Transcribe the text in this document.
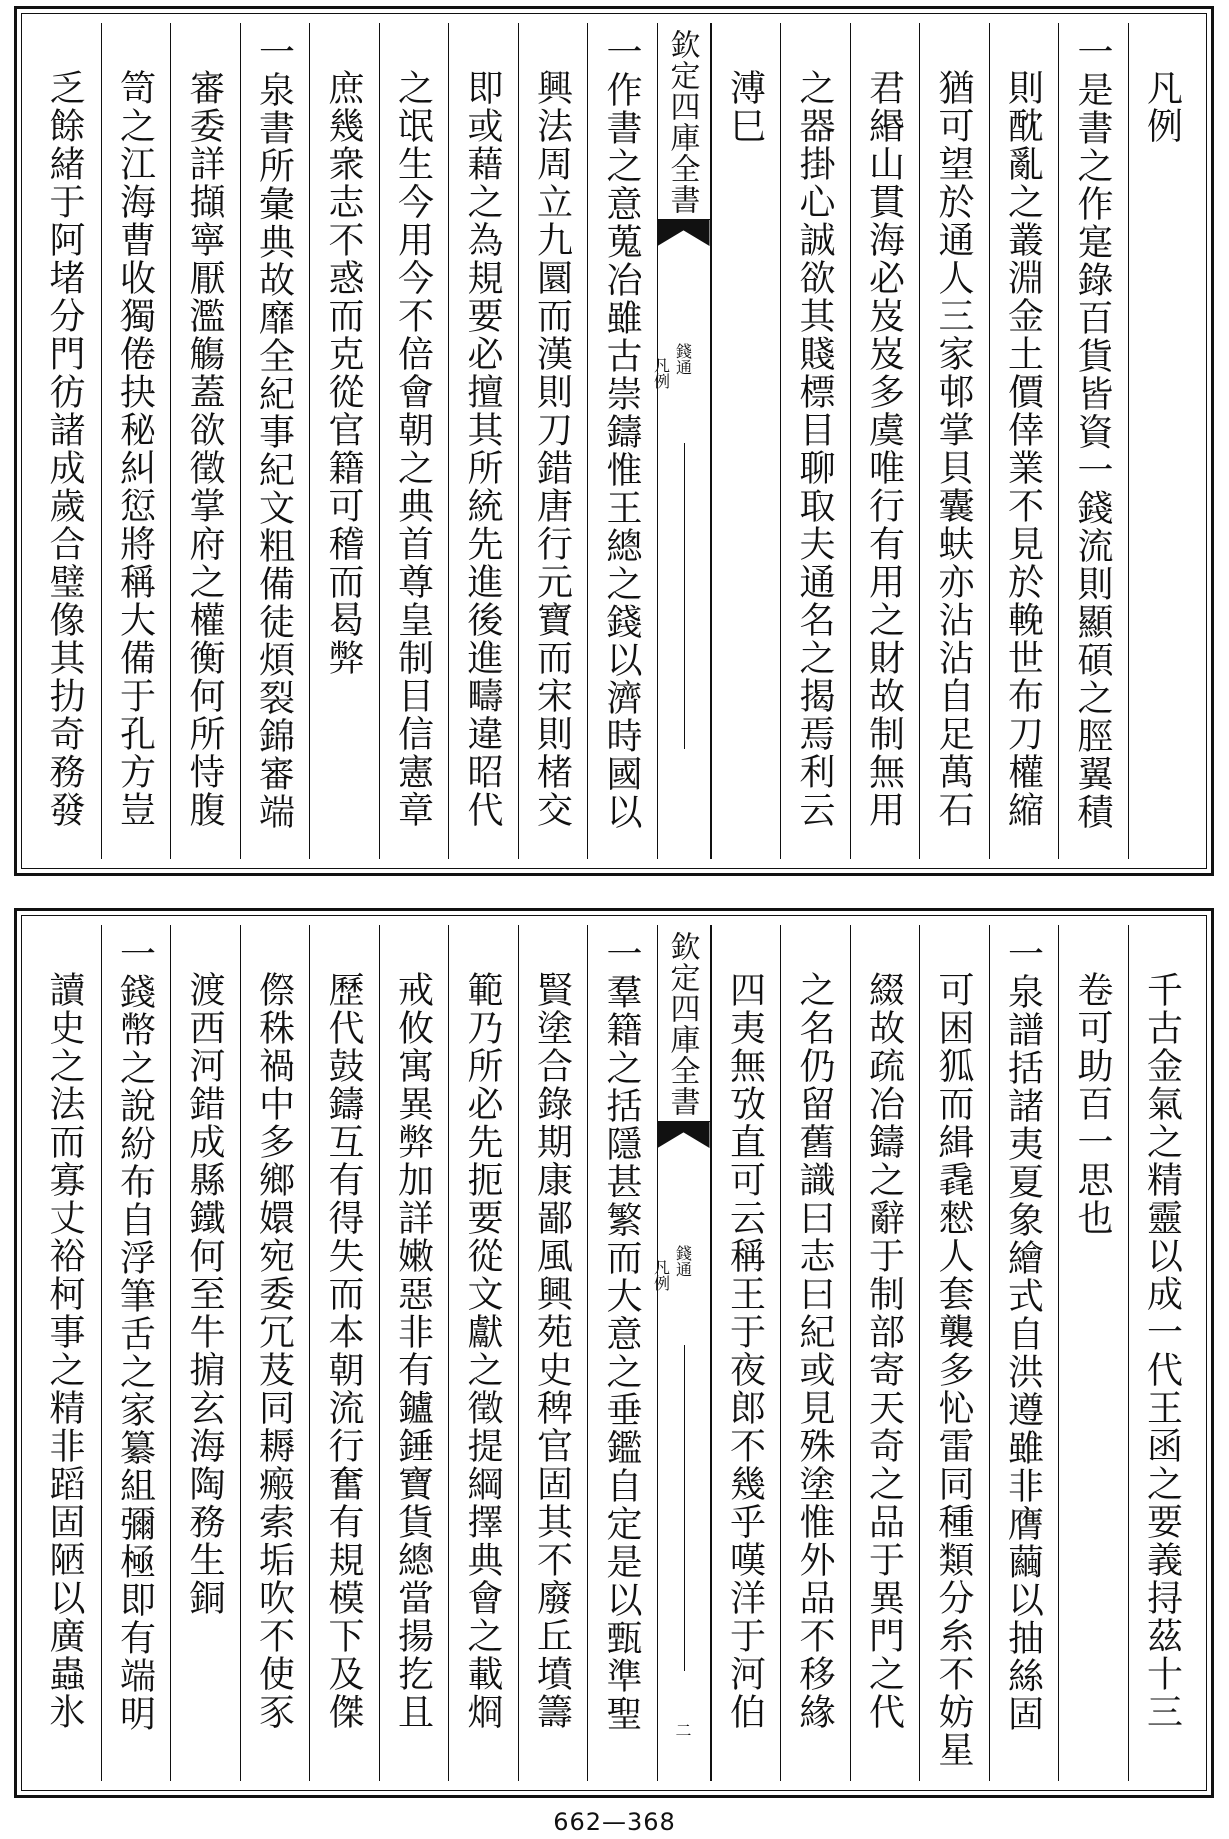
凡例
一是書之作寔錄百貨皆資一錢流則顯碩之脛翼積
則酖亂之叢淵金土價倖業不見於輓世布刀權縮
猶可望於通人三家邨掌貝囊蚨亦沾沾自足萬石
君緡山貫海必岌岌多虞唯行有用之財故制無用
之器掛心誠欲其賤標目聊取夫通名之揭焉利云
溥巳
欽定四庫全書
錢通
凡例
一作書之意蒐冶雖古崇鑄惟王總之錢以濟時國以
興法周立九圜而漢則刀錯唐行元寶而宋則楮交
即或藉之為規要必擅其所統先進後進疇違昭代
之氓生今用今不倍會朝之典首尊皇制目信憲章
庶幾衆志不惑而克從官籍可稽而曷弊
一泉書所彙典故靡全紀事紀文粗備徒煩裂錦審端
審委詳擷寧厭濫觴蓋欲徵掌府之權衡何所恃腹
笥之江海曹收獨倦抉秘糾愆將稱大備于孔方豈
乏餘緒于阿堵分門彷諸成歲合璧像其扐奇務發
千古金氣之精靈以成一代王函之要義挦茲十三
卷可助百一思也
一泉譜括諸夷夏象繪式自洪遵雖非膺繭以抽絲固
可困狐而緝毳憖人套襲多㤈雷同種類分糸不妨星
綴故疏冶鑄之辭于制部寄天奇之品于異門之代
之名仍留舊識曰志曰紀或見殊塗惟外品不移緣
四夷無攷直可云稱王于夜郎不幾乎嘆洋于河伯
欽定四庫全書
錢通
凡例
二
一羣籍之括隱甚繁而大意之垂鑑自定是以甄準聖
賢塗合錄期康鄙風興苑史稗官固其不廢丘墳籌
範乃所必先扼要從文獻之徵提綱擇典會之載烱
戒攸寓異弊加詳嫩惡非有鑪錘寶貨總當揚扢且
歷代鼓鑄互有得失而本朝流行奮有規模下及傑
傺秼禍中多鄉嬛宛委冗芨同耨瘢索垢吹不使豕
渡西河錯成縣鐵何至牛掮玄海陶務生銅
一錢幣之說紛布自浮筆舌之家纂組彌極即有端明
讀史之法而寡丈裕柯事之精非蹈固陋以廣蟲氷
662—368
